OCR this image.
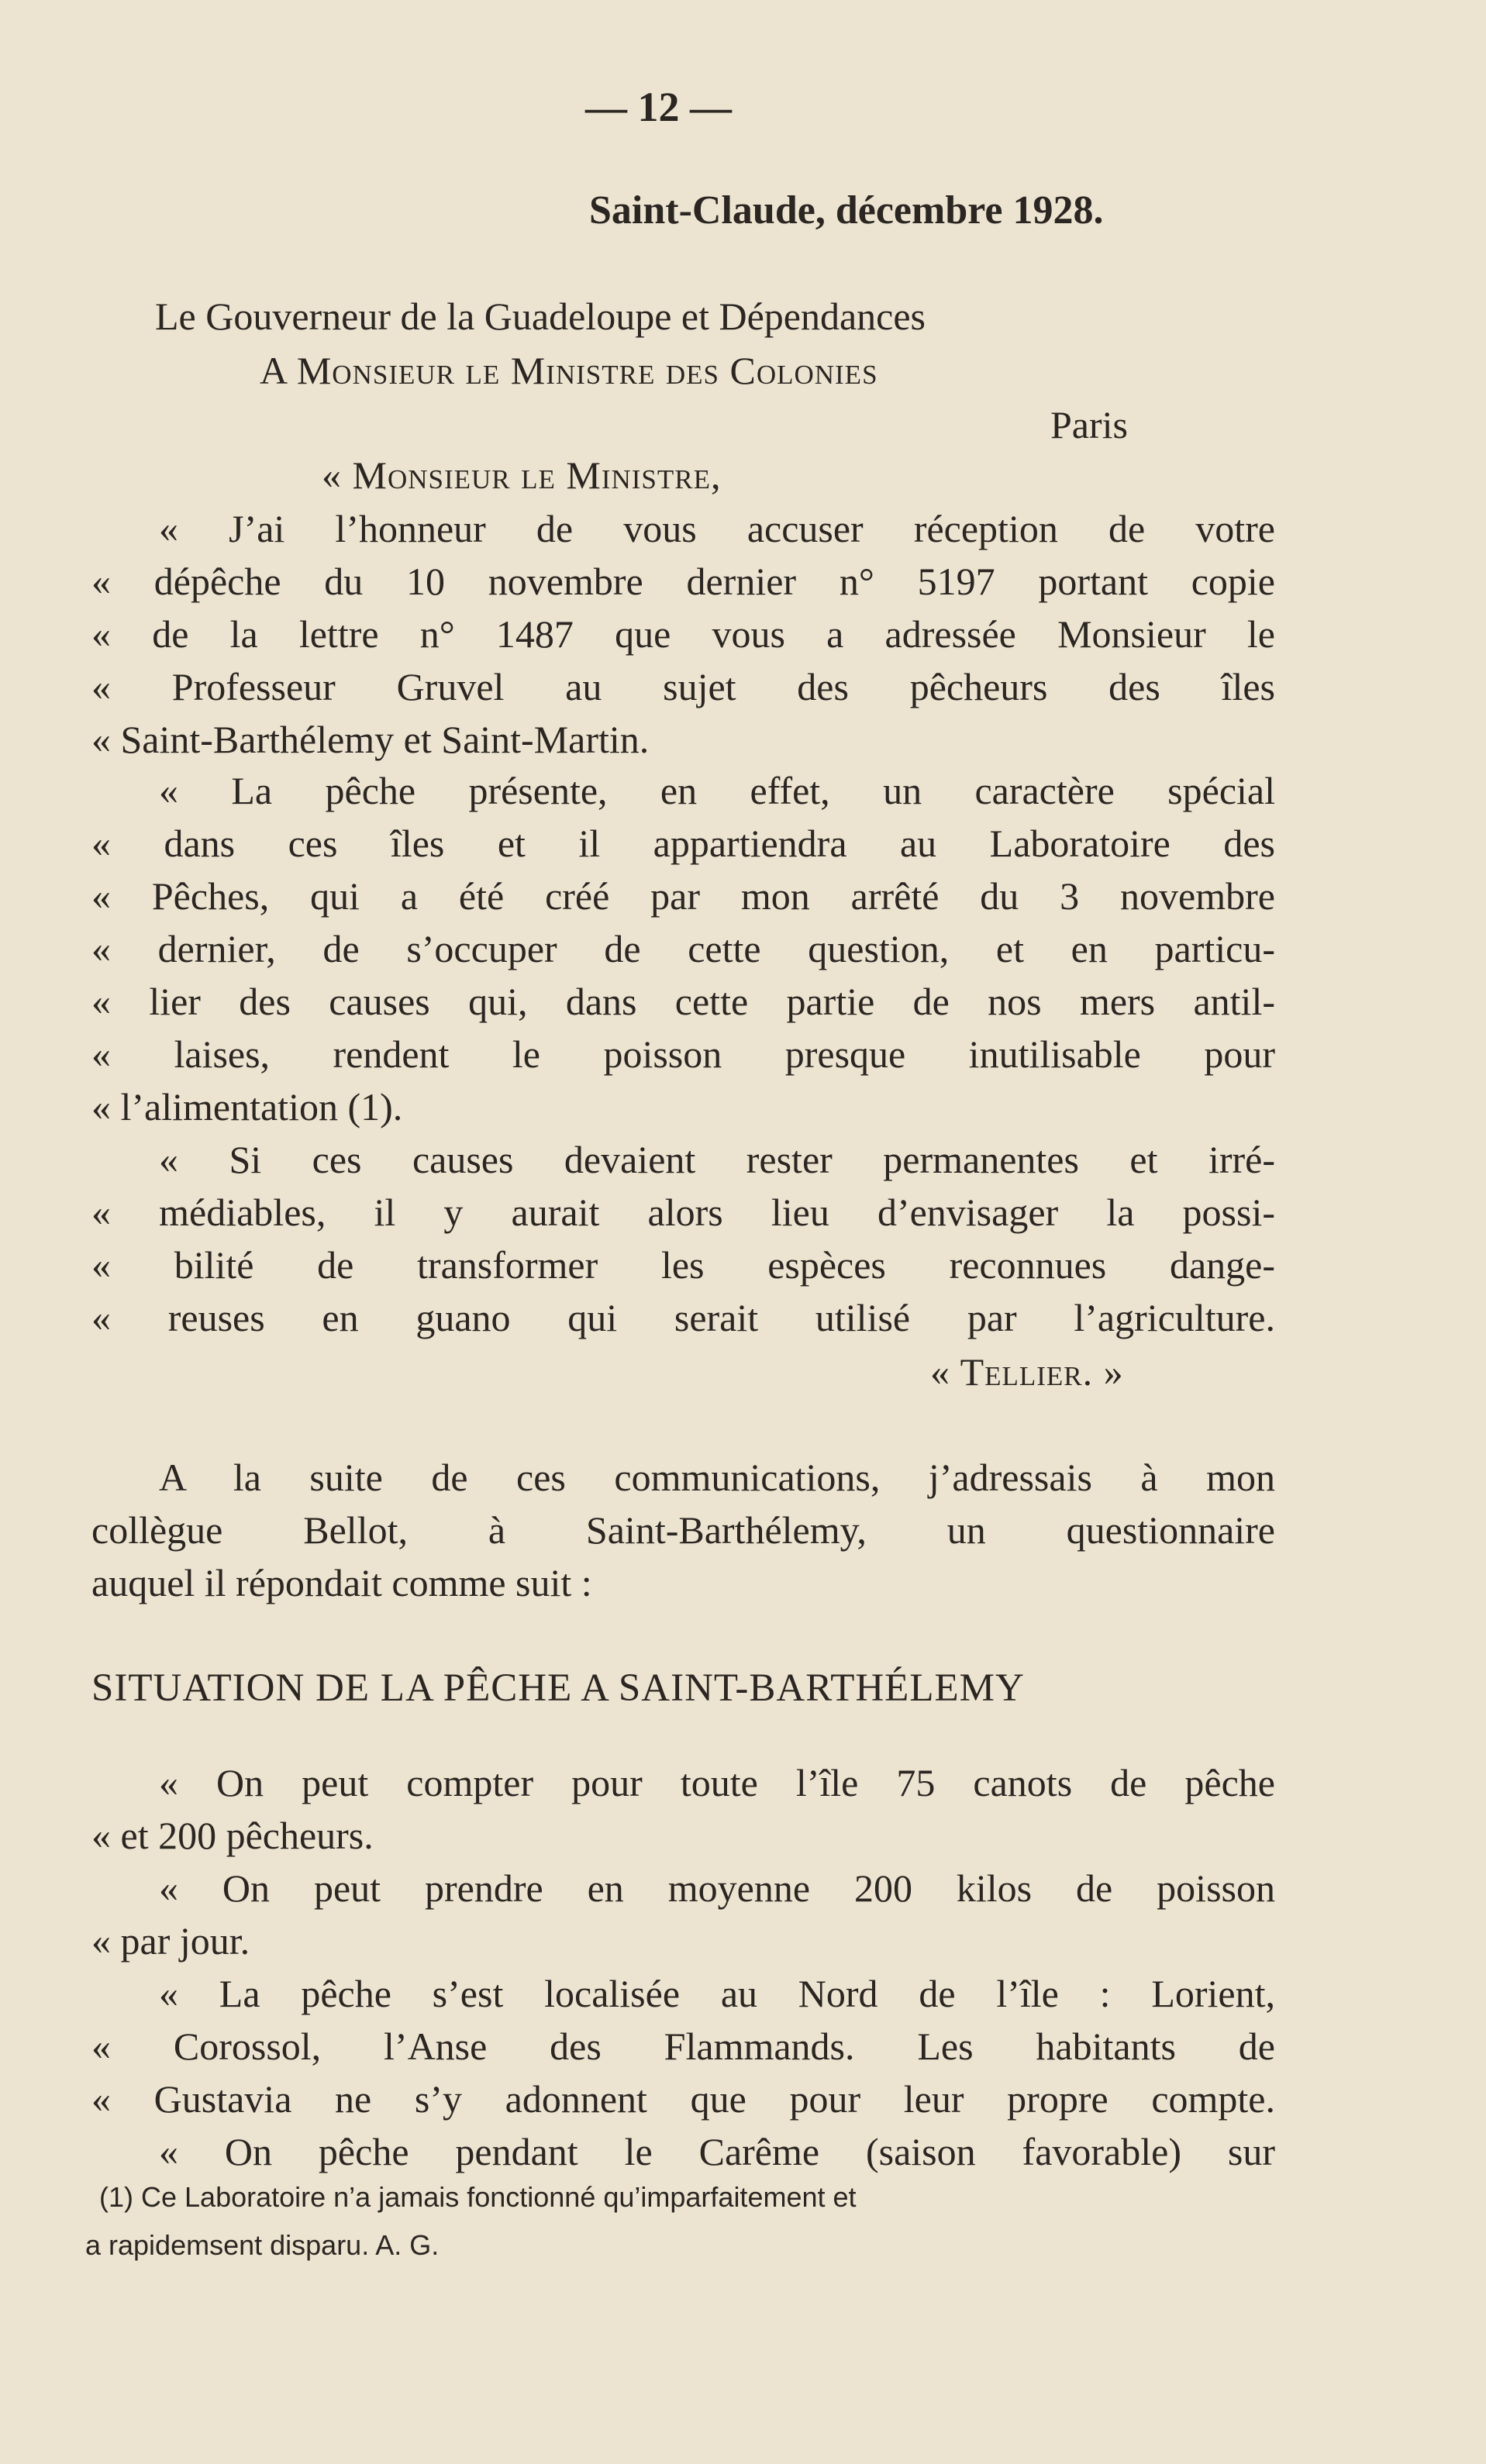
— 12 —
Saint-Claude, décembre 1928.
Le Gouverneur de la Guadeloupe et Dépendances
A Monsieur le Ministre des Colonies
Paris
« Monsieur le Ministre,
« J’ai l’honneur de vous accuser réception de votre
« dépêche du 10 novembre dernier n° 5197 portant copie
« de la lettre n° 1487 que vous a adressée Monsieur le
« Professeur Gruvel au sujet des pêcheurs des îles
« Saint-Barthélemy et Saint-Martin.
« La pêche présente, en effet, un caractère spécial
« dans ces îles et il appartiendra au Laboratoire des
« Pêches, qui a été créé par mon arrêté du 3 novembre
« dernier, de s’occuper de cette question, et en particu-
« lier des causes qui, dans cette partie de nos mers antil-
« laises, rendent le poisson presque inutilisable pour
« l’alimentation (1).
« Si ces causes devaient rester permanentes et irré-
« médiables, il y aurait alors lieu d’envisager la possi-
« bilité de transformer les espèces reconnues dange-
« reuses en guano qui serait utilisé par l’agriculture.
« Tellier. »
A la suite de ces communications, j’adressais à mon
collègue Bellot, à Saint-Barthélemy, un questionnaire
auquel il répondait comme suit :
SITUATION DE LA PÊCHE A SAINT-BARTHÉLEMY
« On peut compter pour toute l’île 75 canots de pêche
« et 200 pêcheurs.
« On peut prendre en moyenne 200 kilos de poisson
« par jour.
« La pêche s’est localisée au Nord de l’île : Lorient,
« Corossol, l’Anse des Flammands. Les habitants de
« Gustavia ne s’y adonnent que pour leur propre compte.
« On pêche pendant le Carême (saison favorable) sur
(1) Ce Laboratoire n’a jamais fonctionné qu’imparfaitement et
a rapidemsent disparu. A. G.
